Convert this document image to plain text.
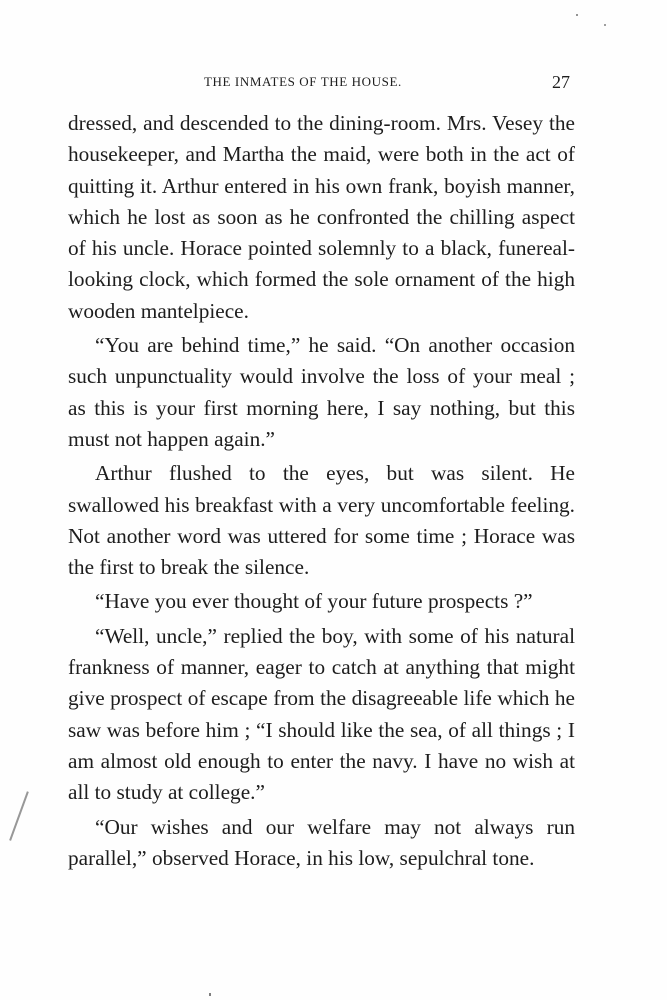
THE INMATES OF THE HOUSE.	27

dressed, and descended to the dining-room. Mrs. Vesey the housekeeper, and Martha the maid, were both in the act of quitting it. Arthur entered in his own frank, boyish manner, which he lost as soon as he confronted the chilling aspect of his uncle. Horace pointed solemnly to a black, funereal-looking clock, which formed the sole ornament of the high wooden mantelpiece.

“You are behind time,” he said. “On another occasion such unpunctuality would involve the loss of your meal ; as this is your first morning here, I say nothing, but this must not happen again.”

Arthur flushed to the eyes, but was silent. He swallowed his breakfast with a very uncomfortable feeling. Not another word was uttered for some time ; Horace was the first to break the silence.

“Have you ever thought of your future prospects ?”

“Well, uncle,” replied the boy, with some of his natural frankness of manner, eager to catch at anything that might give prospect of escape from the disagreeable life which he saw was before him ; “I should like the sea, of all things ; I am almost old enough to enter the navy. I have no wish at all to study at college.”

“Our wishes and our welfare may not always run parallel,” observed Horace, in his low, sepulchral tone.
